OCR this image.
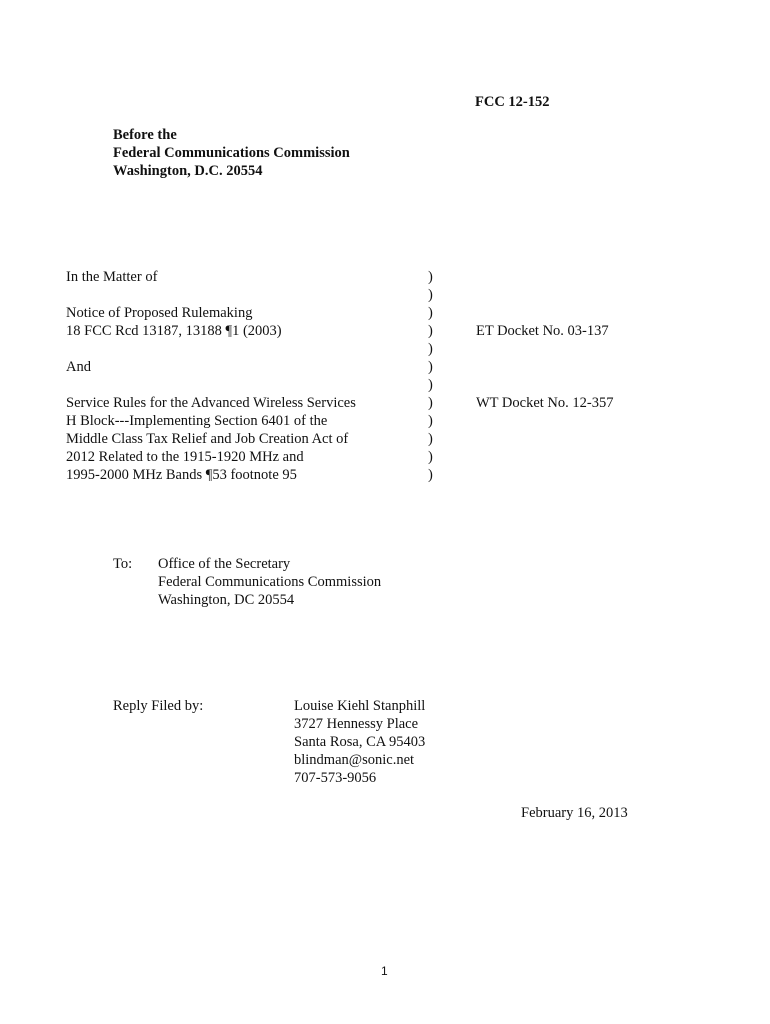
FCC 12-152
Before the
Federal Communications Commission
Washington, D.C. 20554
In the Matter of
Notice of Proposed Rulemaking
18 FCC Rcd 13187, 13188 ¶1 (2003)
And
Service Rules for the Advanced Wireless Services
H Block---Implementing Section 6401 of the
Middle Class Tax Relief and Job Creation Act of
2012 Related to the 1915-1920 MHz and
1995-2000 MHz Bands ¶53 footnote 95
)
)
)
)
)
)
)
)
)
)
)
)
ET Docket No. 03-137
WT Docket No. 12-357
To: Office of the Secretary
Federal Communications Commission
Washington, DC 20554
Reply Filed by:	Louise Kiehl Stanphill
3727 Hennessy Place
Santa Rosa, CA 95403
blindman@sonic.net
707-573-9056
February 16, 2013
1
